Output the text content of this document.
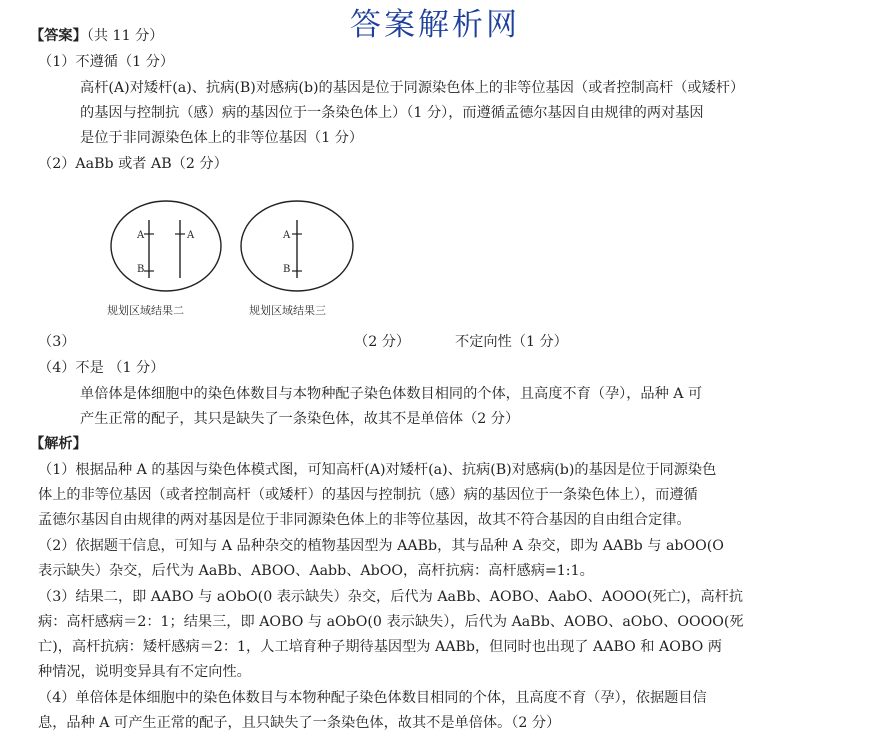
答案解析网
【答案】（共 11 分）
（1）不遵循（1 分）
高杆(A)对矮杆(a)、抗病(B)对感病(b)的基因是位于同源染色体上的非等位基因（或者控制高杆（或矮杆）
的基因与控制抗（感）病的基因位于一条染色体上）（1 分），而遵循孟德尔基因自由规律的两对基因
是位于非同源染色体上的非等位基因（1 分）
（2）AaBb 或者 AB（2 分）
A	A
B
A
B
规划区域结果二	规划区域结果三
（3）	（2 分）	不定向性（1 分）
（4）不是 （1 分）
单倍体是体细胞中的染色体数目与本物种配子染色体数目相同的个体，且高度不育（孕），品种 A 可
产生正常的配子，其只是缺失了一条染色体，故其不是单倍体（2 分）
【解析】
（1）根据品种 A 的基因与染色体模式图，可知高杆(A)对矮杆(a)、抗病(B)对感病(b)的基因是位于同源染色
体上的非等位基因（或者控制高杆（或矮杆）的基因与控制抗（感）病的基因位于一条染色体上），而遵循
孟德尔基因自由规律的两对基因是位于非同源染色体上的非等位基因，故其不符合基因的自由组合定律。
（2）依据题干信息，可知与 A 品种杂交的植物基因型为 AABb，其与品种 A 杂交，即为 AABb 与 abOO(O
表示缺失）杂交，后代为 AaBb、ABOO、Aabb、AbOO，高杆抗病：高杆感病=1:1。
（3）结果二，即 AABO 与 aObO(0 表示缺失）杂交，后代为 AaBb、AOBO、AabO、AOOO(死亡)，高杆抗
病：高杆感病＝2：1；结果三，即 AOBO 与 aObO(0 表示缺失），后代为 AaBb、AOBO、aObO、OOOO(死
亡)，高杆抗病：矮杆感病＝2：1，人工培育种子期待基因型为 AABb，但同时也出现了 AABO 和 AOBO 两
种情况，说明变异具有不定向性。
（4）单倍体是体细胞中的染色体数目与本物种配子染色体数目相同的个体，且高度不育（孕），依据题目信
息，品种 A 可产生正常的配子，且只缺失了一条染色体，故其不是单倍体。（2 分）
